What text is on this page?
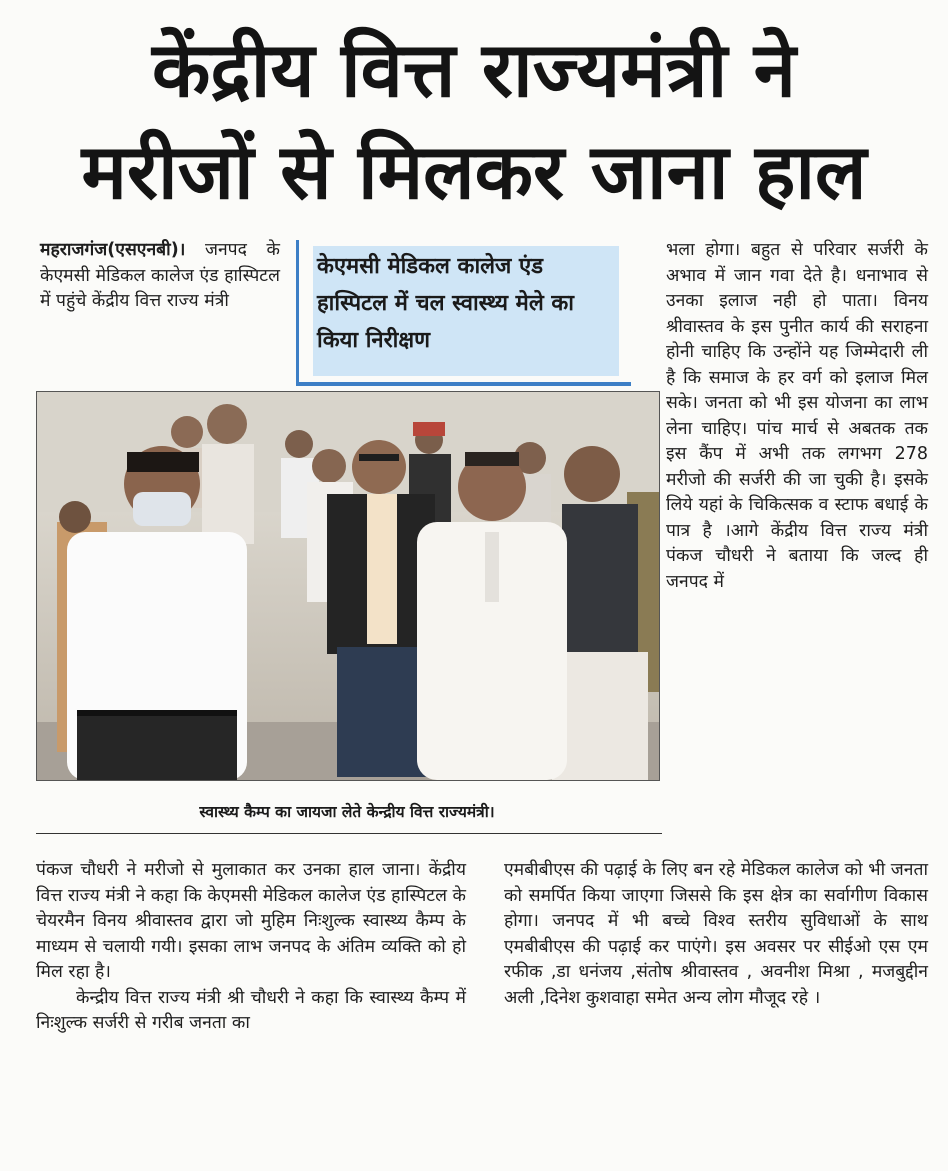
केंद्रीय वित्त राज्यमंत्री ने
मरीजों से मिलकर जाना हाल

महराजगंज(एसएनबी)। जनपद के केएमसी मेडिकल कालेज एंड हास्पिटल में पहुंचे केंद्रीय वित्त राज्य मंत्री

केएमसी मेडिकल कालेज एंड हास्पिटल में चल स्वास्थ्य मेले का किया निरीक्षण

भला होगा। बहुत से परिवार सर्जरी के अभाव में जान गवा देते है। धनाभाव से उनका इलाज नही हो पाता। विनय श्रीवास्तव के इस पुनीत कार्य की सराहना होनी चाहिए कि उन्होंने यह जिम्मेदारी ली है कि समाज के हर वर्ग को इलाज मिल सके। जनता को भी इस योजना का लाभ लेना चाहिए। पांच मार्च से अबतक तक इस कैंप में अभी तक लगभग 278 मरीजो की सर्जरी की जा चुकी है। इसके लिये यहां के चिकित्सक व स्टाफ बधाई के पात्र है ।आगे केंद्रीय वित्त राज्य मंत्री पंकज चौधरी ने बताया कि जल्द ही जनपद में

स्वास्थ्य कैम्प का जायजा लेते केन्द्रीय वित्त राज्यमंत्री।

पंकज चौधरी ने मरीजो से मुलाकात कर उनका हाल जाना। केंद्रीय वित्त राज्य मंत्री ने कहा कि केएमसी मेडिकल कालेज एंड हास्पिटल के चेयरमैन विनय श्रीवास्तव द्वारा जो मुहिम निःशुल्क स्वास्थ्य कैम्प के माध्यम से चलायी गयी। इसका लाभ जनपद के अंतिम व्यक्ति को हो मिल रहा है।

केन्द्रीय वित्त राज्य मंत्री श्री चौधरी ने कहा कि स्वास्थ्य कैम्प में निःशुल्क सर्जरी से गरीब जनता का

एमबीबीएस की पढ़ाई के लिए बन रहे मेडिकल कालेज को भी जनता को समर्पित किया जाएगा जिससे कि इस क्षेत्र का सर्वागीण विकास होगा। जनपद में भी बच्चे विश्व स्तरीय सुविधाओं के साथ एमबीबीएस की पढ़ाई कर पाएंगे। इस अवसर पर सीईओ एस एम रफीक ,डा धनंजय ,संतोष श्रीवास्तव , अवनीश मिश्रा , मजबुद्दीन अली ,दिनेश कुशवाहा समेत अन्य लोग मौजूद रहे ।
